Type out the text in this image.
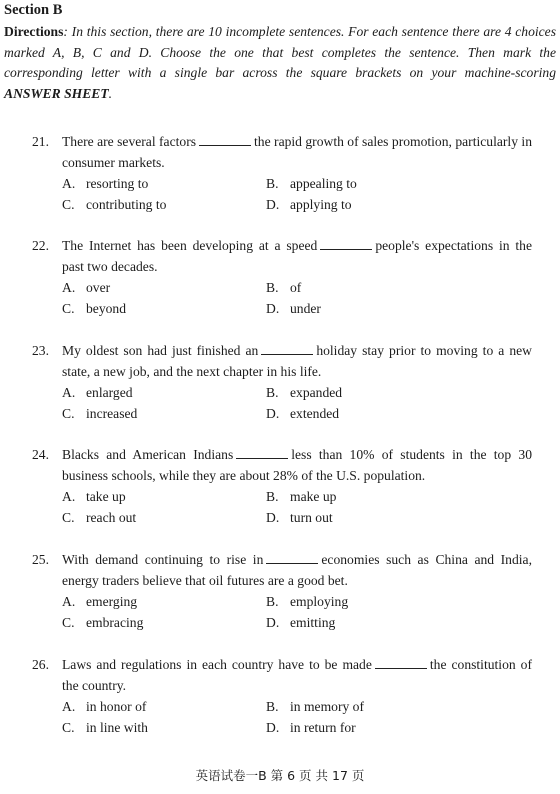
Section B
Directions: In this section, there are 10 incomplete sentences. For each sentence there are 4 choices marked A, B, C and D. Choose the one that best completes the sentence. Then mark the corresponding letter with a single bar across the square brackets on your machine-scoring ANSWER SHEET.
21. There are several factors	the rapid growth of sales promotion, particularly in consumer markets.
A. resorting to	B. appealing to
C. contributing to	D. applying to
22. The Internet has been developing at a speed	people's expectations in the past two decades.
A. over	B. of
C. beyond	D. under
23. My oldest son had just finished an	holiday stay prior to moving to a new state, a new job, and the next chapter in his life.
A. enlarged	B. expanded
C. increased	D. extended
24. Blacks and American Indians	less than 10% of students in the top 30 business schools, while they are about 28% of the U.S. population.
A. take up	B. make up
C. reach out	D. turn out
25. With demand continuing to rise in	economies such as China and India, energy traders believe that oil futures are a good bet.
A. emerging	B. employing
C. embracing	D. emitting
26. Laws and regulations in each country have to be made	the constitution of the country.
A. in honor of	B. in memory of
C. in line with	D. in return for
英语试卷一B 第 6 页 共 17 页
